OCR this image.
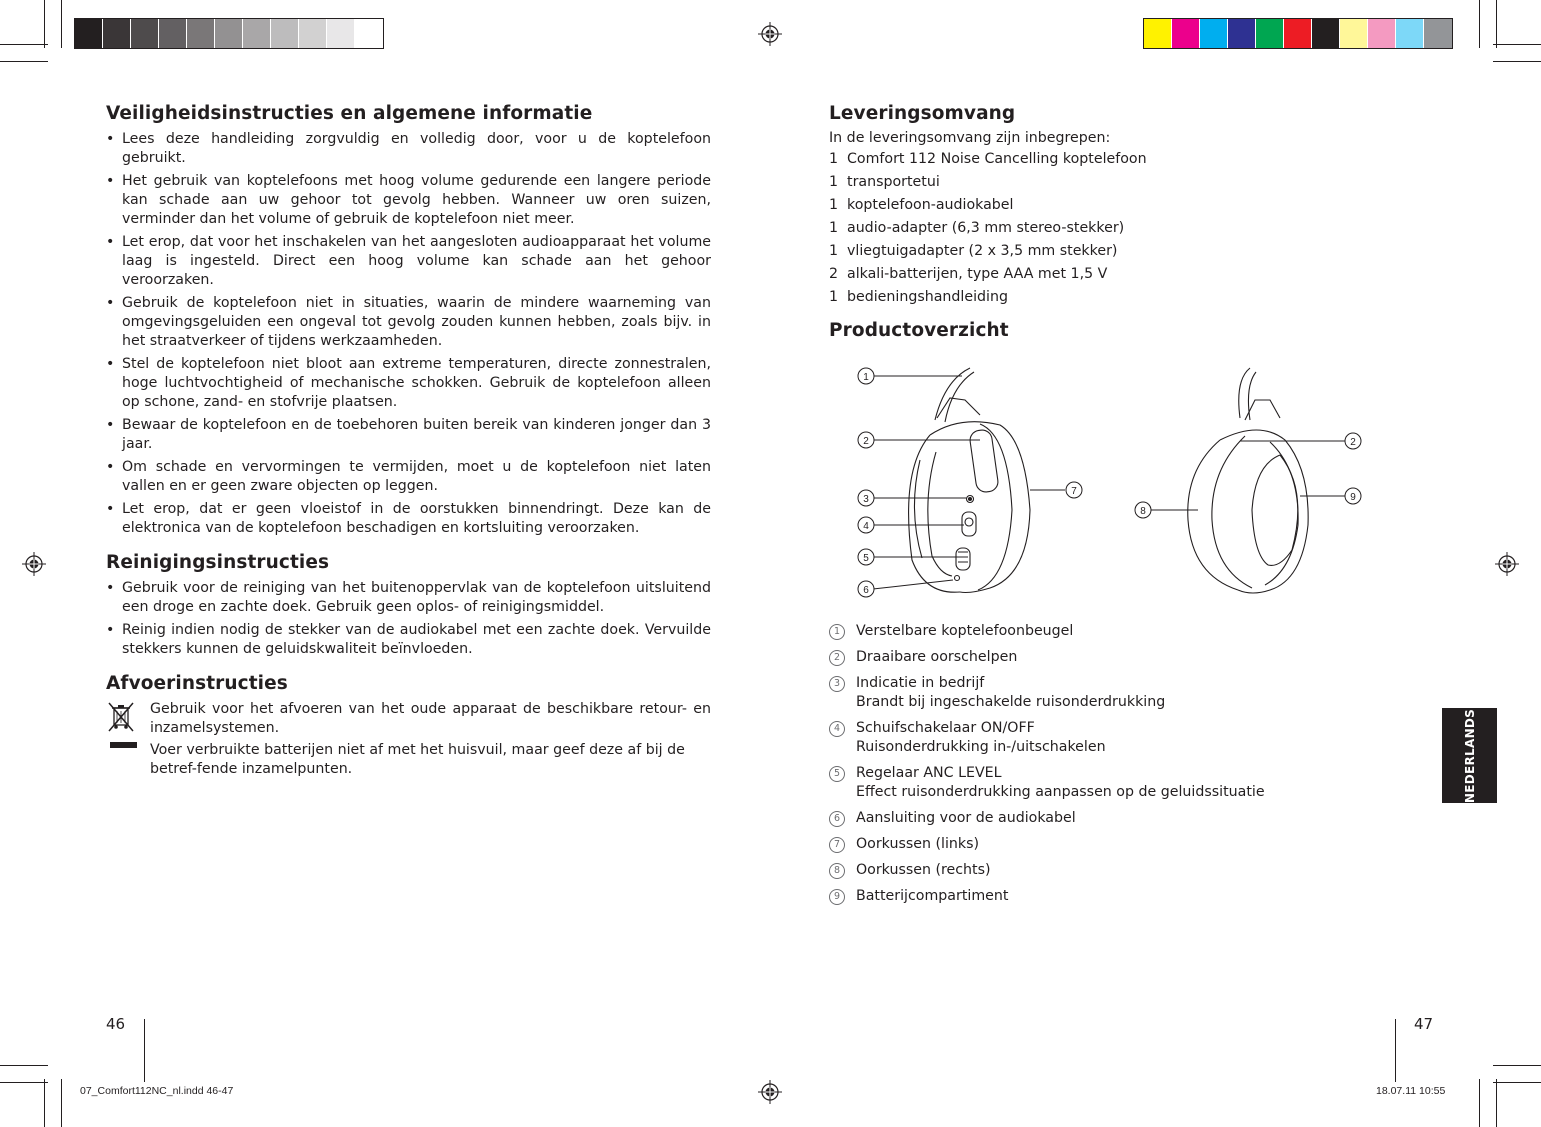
Veiligheidsinstructies en algemene informatie
• Lees deze handleiding zorgvuldig en volledig door, voor u de koptelefoon gebruikt.
• Het gebruik van koptelefoons met hoog volume gedurende een langere periode kan schade aan uw gehoor tot gevolg hebben. Wanneer uw oren suizen, verminder dan het volume of gebruik de koptelefoon niet meer.
• Let erop, dat voor het inschakelen van het aangesloten audioapparaat het volume laag is ingesteld. Direct een hoog volume kan schade aan het gehoor veroorzaken.
• Gebruik de koptelefoon niet in situaties, waarin de mindere waarneming van omgevingsgeluiden een ongeval tot gevolg zouden kunnen hebben, zoals bijv. in het straatverkeer of tijdens werkzaamheden.
• Stel de koptelefoon niet bloot aan extreme temperaturen, directe zonnestralen, hoge luchtvochtigheid of mechanische schokken. Gebruik de koptelefoon alleen op schone, zand- en stofvrije plaatsen.
• Bewaar de koptelefoon en de toebehoren buiten bereik van kinderen jonger dan 3 jaar.
• Om schade en vervormingen te vermijden, moet u de koptelefoon niet laten vallen en er geen zware objecten op leggen.
• Let erop, dat er geen vloeistof in de oorstukken binnendringt. Deze kan de elektronica van de koptelefoon beschadigen en kortsluiting veroorzaken.
Reinigingsinstructies
• Gebruik voor de reiniging van het buitenoppervlak van de koptelefoon uitsluitend een droge en zachte doek. Gebruik geen oplos- of reinigingsmiddel.
• Reinig indien nodig de stekker van de audiokabel met een zachte doek. Vervuilde stekkers kunnen de geluidskwaliteit beïnvloeden.
Afvoerinstructies

Gebruik voor het afvoeren van het oude apparaat de beschikbare retour- en inzamelsystemen.

Voer verbruikte batterijen niet af met het huisvuil, maar geef deze af bij de betref-fende inzamelpunten.

Leveringsomvang
In de leveringsomvang zijn inbegrepen:
1 Comfort 112 Noise Cancelling koptelefoon
1 transportetui
1 koptelefoon-audiokabel
1 audio-adapter (6,3 mm stereo-stekker)
1 vliegtuigadapter (2 x 3,5 mm stekker)
2 alkali-batterijen, type AAA met 1,5 V
1 bedieningshandleiding
Productoverzicht
1
2
3
4
5
6
7
8
2
9
1	Verstelbare koptelefoonbeugel
2	Draaibare oorschelpen
3	Indicatie in bedrijf
Brandt bij ingeschakelde ruisonderdrukking
4	Schuifschakelaar ON/OFF
Ruisonderdrukking in-/uitschakelen
5	Regelaar ANC LEVEL
Effect ruisonderdrukking aanpassen op de geluidssituatie
6	Aansluiting voor de audiokabel
7	Oorkussen (links)
8	Oorkussen (rechts)
9	Batterijcompartiment
NEDERLANDS
46	47
07_Comfort112NC_nl.indd 46-47	18.07.11 10:55
